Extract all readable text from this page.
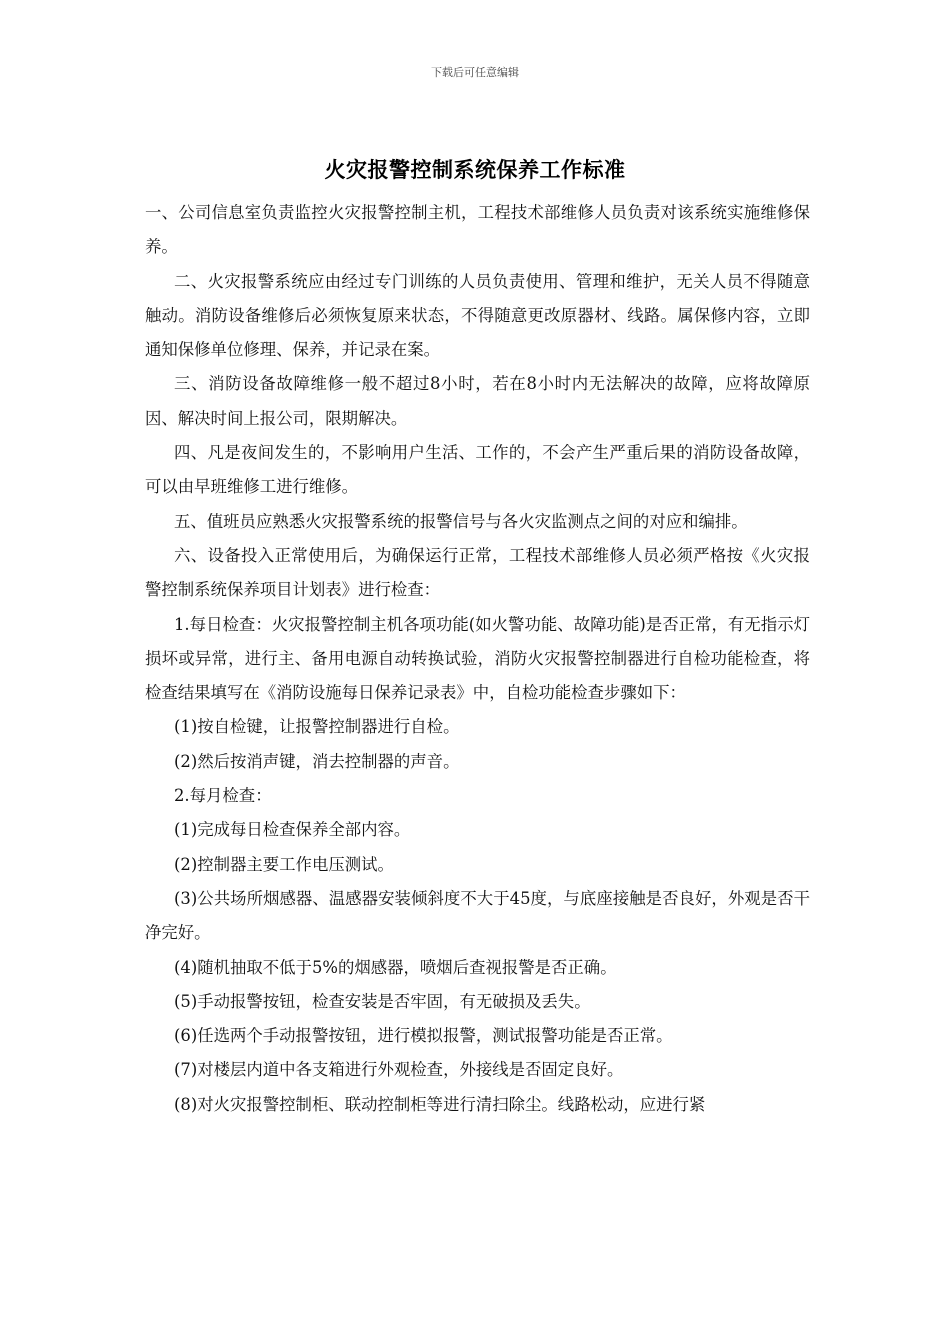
下载后可任意编辑
火灾报警控制系统保养工作标准

一、公司信息室负责监控火灾报警控制主机，工程技术部维修人员负责对该系统实施维修保养。

二、火灾报警系统应由经过专门训练的人员负责使用、管理和维护，无关人员不得随意触动。消防设备维修后必须恢复原来状态，不得随意更改原器材、线路。属保修内容，立即通知保修单位修理、保养，并记录在案。

三、消防设备故障维修一般不超过8小时，若在8小时内无法解决的故障，应将故障原因、解决时间上报公司，限期解决。

四、凡是夜间发生的，不影响用户生活、工作的，不会产生严重后果的消防设备故障，可以由早班维修工进行维修。

五、值班员应熟悉火灾报警系统的报警信号与各火灾监测点之间的对应和编排。

六、设备投入正常使用后，为确保运行正常，工程技术部维修人员必须严格按《火灾报警控制系统保养项目计划表》进行检查：

1.每日检查：火灾报警控制主机各项功能(如火警功能、故障功能)是否正常，有无指示灯损坏或异常，进行主、备用电源自动转换试验，消防火灾报警控制器进行自检功能检查，将检查结果填写在《消防设施每日保养记录表》中，自检功能检查步骤如下：

(1)按自检键，让报警控制器进行自检。

(2)然后按消声键，消去控制器的声音。

2.每月检查：

(1)完成每日检查保养全部内容。

(2)控制器主要工作电压测试。

(3)公共场所烟感器、温感器安装倾斜度不大于45度，与底座接触是否良好，外观是否干净完好。

(4)随机抽取不低于5%的烟感器，喷烟后查视报警是否正确。

(5)手动报警按钮，检查安装是否牢固，有无破损及丢失。

(6)任选两个手动报警按钮，进行模拟报警，测试报警功能是否正常。

(7)对楼层内道中各支箱进行外观检查，外接线是否固定良好。

(8)对火灾报警控制柜、联动控制柜等进行清扫除尘。线路松动，应进行紧
